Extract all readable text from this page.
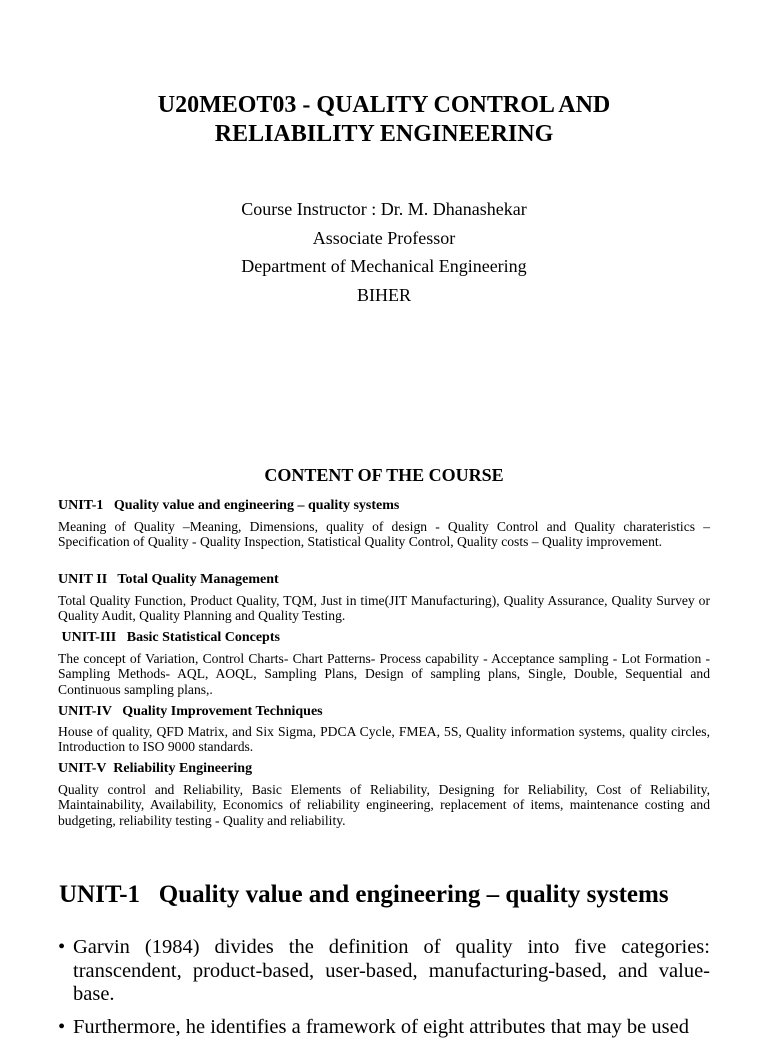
U20MEOT03 - QUALITY CONTROL AND
RELIABILITY ENGINEERING
Course Instructor : Dr. M. Dhanashekar
Associate Professor
Department of Mechanical Engineering
BIHER
CONTENT OF THE COURSE
UNIT-1   Quality value and engineering – quality systems
Meaning of Quality –Meaning, Dimensions, quality of design - Quality Control and Quality charateristics – Specification of Quality - Quality Inspection, Statistical Quality Control, Quality costs – Quality improvement.
UNIT II   Total Quality Management
Total Quality Function, Product Quality, TQM, Just in time(JIT Manufacturing), Quality Assurance, Quality Survey or Quality Audit, Quality Planning and Quality Testing.
UNIT-III   Basic Statistical Concepts
The concept of Variation, Control Charts- Chart Patterns- Process capability - Acceptance sampling - Lot Formation - Sampling Methods- AQL, AOQL, Sampling Plans, Design of sampling plans, Single, Double, Sequential and Continuous sampling plans,.
UNIT-IV   Quality Improvement Techniques
House of quality, QFD Matrix, and Six Sigma, PDCA Cycle, FMEA, 5S, Quality information systems, quality circles, Introduction to ISO 9000 standards.
UNIT-V  Reliability Engineering
Quality control and Reliability, Basic Elements of Reliability, Designing for Reliability, Cost of Reliability, Maintainability, Availability, Economics of reliability engineering, replacement of items, maintenance costing and budgeting, reliability testing - Quality and reliability.
UNIT-1   Quality value and engineering – quality systems
• Garvin (1984) divides the definition of quality into five categories: transcendent, product-based, user-based, manufacturing-based, and value-base.
• Furthermore, he identifies a framework of eight attributes that may be used
